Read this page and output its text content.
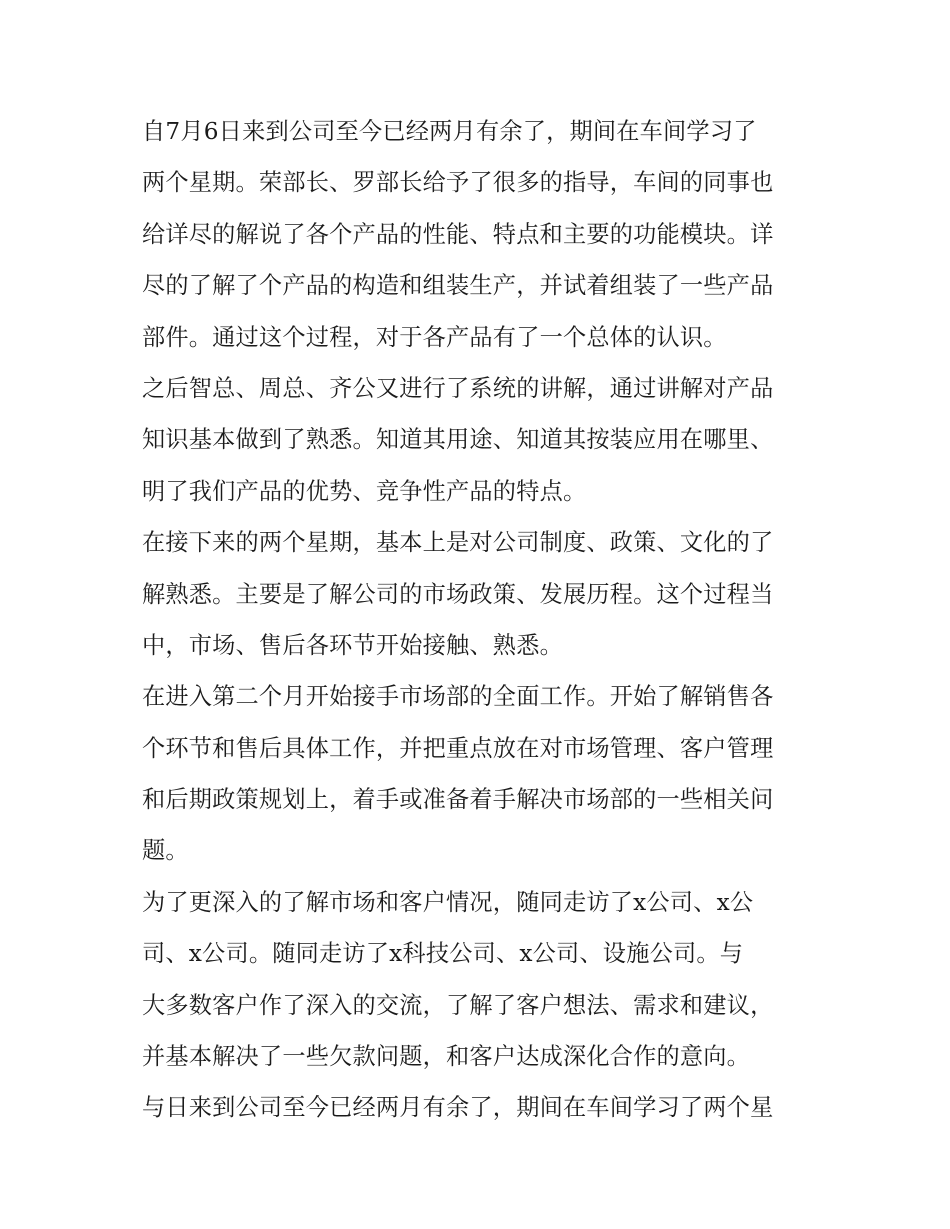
自7月6日来到公司至今已经两月有余了，期间在车间学习了
两个星期。荣部长、罗部长给予了很多的指导，车间的同事也
给详尽的解说了各个产品的性能、特点和主要的功能模块。详
尽的了解了个产品的构造和组装生产，并试着组装了一些产品
部件。通过这个过程，对于各产品有了一个总体的认识。
之后智总、周总、齐公又进行了系统的讲解，通过讲解对产品
知识基本做到了熟悉。知道其用途、知道其按装应用在哪里、
明了我们产品的优势、竞争性产品的特点。
在接下来的两个星期，基本上是对公司制度、政策、文化的了
解熟悉。主要是了解公司的市场政策、发展历程。这个过程当
中，市场、售后各环节开始接触、熟悉。
在进入第二个月开始接手市场部的全面工作。开始了解销售各
个环节和售后具体工作，并把重点放在对市场管理、客户管理
和后期政策规划上，着手或准备着手解决市场部的一些相关问
题。
为了更深入的了解市场和客户情况，随同走访了x公司、x公
司、x公司。随同走访了x科技公司、x公司、设施公司。与
大多数客户作了深入的交流，了解了客户想法、需求和建议，
并基本解决了一些欠款问题，和客户达成深化合作的意向。
与日来到公司至今已经两月有余了，期间在车间学习了两个星
